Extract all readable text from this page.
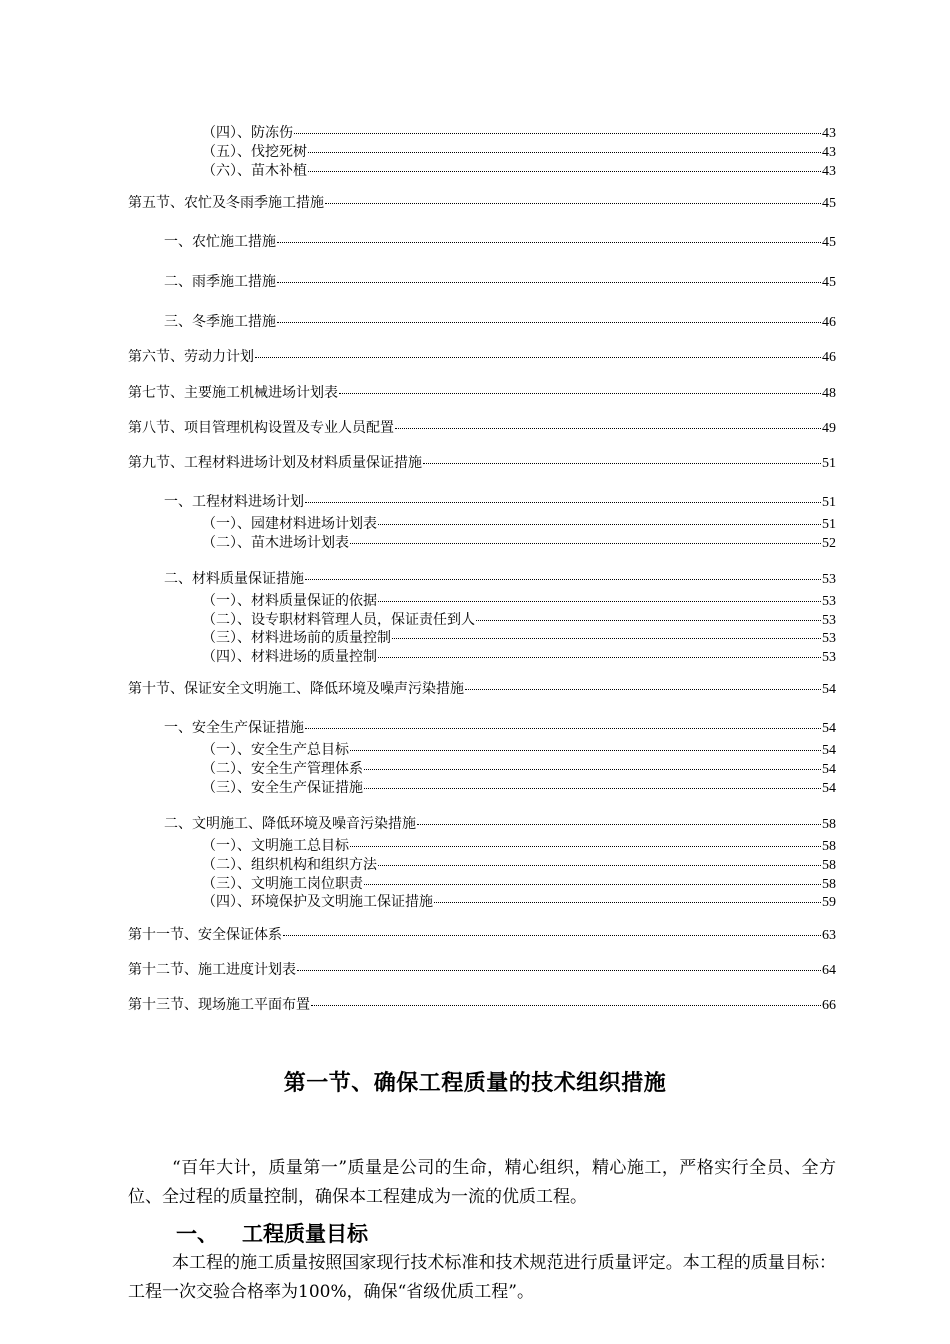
（四）、防冻伤	43
（五）、伐挖死树	43
（六）、苗木补植	43
第五节、农忙及冬雨季施工措施	45
一、农忙施工措施	45
二、雨季施工措施	45
三、冬季施工措施	46
第六节、劳动力计划	46
第七节、主要施工机械进场计划表	48
第八节、项目管理机构设置及专业人员配置	49
第九节、工程材料进场计划及材料质量保证措施	51
一、工程材料进场计划	51
（一）、园建材料进场计划表	51
（二）、苗木进场计划表	52
二、材料质量保证措施	53
（一）、材料质量保证的依据	53
（二）、设专职材料管理人员，保证责任到人	53
（三）、材料进场前的质量控制	53
（四）、材料进场的质量控制	53
第十节、保证安全文明施工、降低环境及噪声污染措施	54
一、安全生产保证措施	54
（一）、安全生产总目标	54
（二）、安全生产管理体系	54
（三）、安全生产保证措施	54
二、文明施工、降低环境及噪音污染措施	58
（一）、文明施工总目标	58
（二）、组织机构和组织方法	58
（三）、文明施工岗位职责	58
（四）、环境保护及文明施工保证措施	59
第十一节、安全保证体系	63
第十二节、施工进度计划表	64
第十三节、现场施工平面布置	66
第一节、确保工程质量的技术组织措施
“百年大计，质量第一”质量是公司的生命，精心组织，精心施工，严格实行全员、全方位、全过程的质量控制，确保本工程建成为一流的优质工程。
一、 工程质量目标
本工程的施工质量按照国家现行技术标准和技术规范进行质量评定。本工程的质量目标：工程一次交验合格率为100%，确保“省级优质工程”。
